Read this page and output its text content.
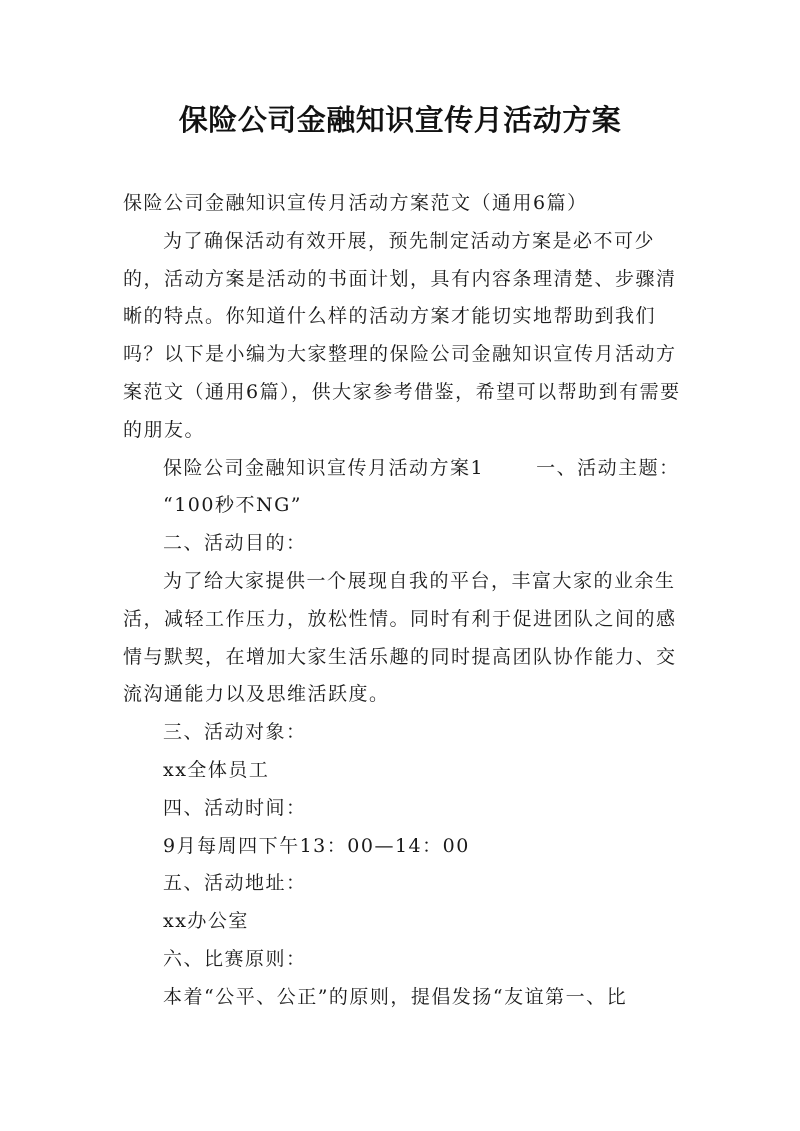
保险公司金融知识宣传月活动方案

保险公司金融知识宣传月活动方案范文（通用6篇）

为了确保活动有效开展，预先制定活动方案是必不可少的，活动方案是活动的书面计划，具有内容条理清楚、步骤清晰的特点。你知道什么样的活动方案才能切实地帮助到我们吗？以下是小编为大家整理的保险公司金融知识宣传月活动方案范文（通用6篇），供大家参考借鉴，希望可以帮助到有需要的朋友。

保险公司金融知识宣传月活动方案1	一、活动主题：

“100秒不NG”

二、活动目的：

为了给大家提供一个展现自我的平台，丰富大家的业余生活，减轻工作压力，放松性情。同时有利于促进团队之间的感情与默契，在增加大家生活乐趣的同时提高团队协作能力、交流沟通能力以及思维活跃度。

三、活动对象：

xx全体员工

四、活动时间：

9月每周四下午13：00—14：00

五、活动地址：

xx办公室

六、比赛原则：

本着“公平、公正”的原则，提倡发扬“友谊第一、比
